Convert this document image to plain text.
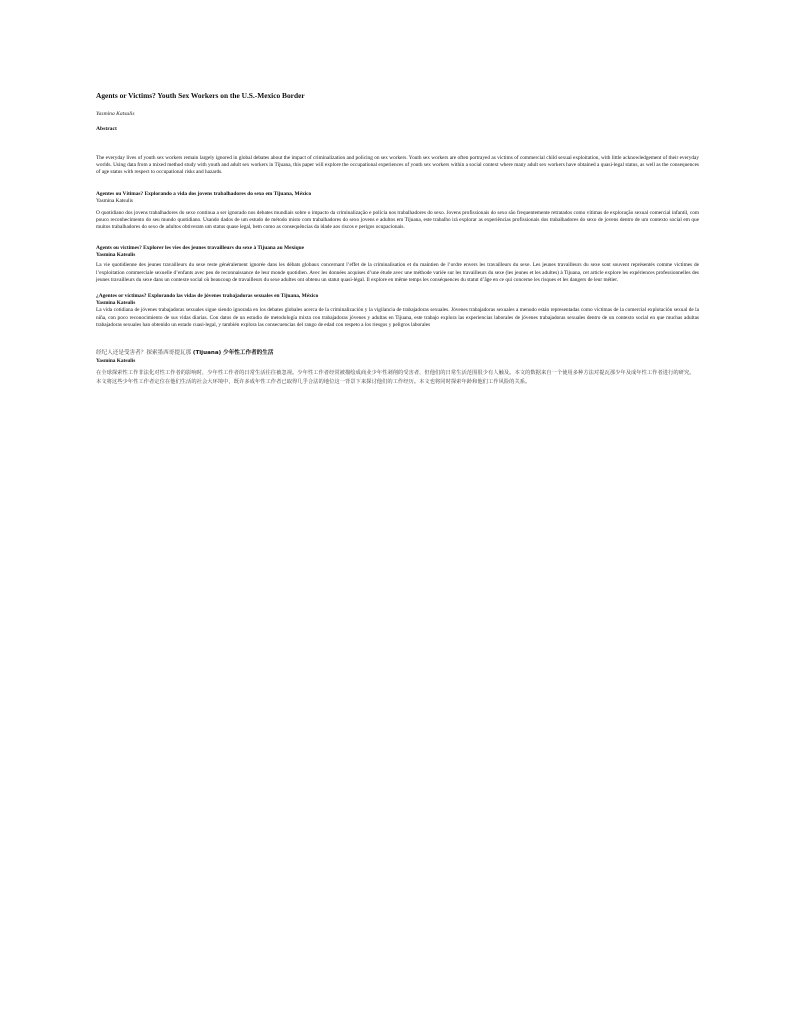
Agents or Victims? Youth Sex Workers on the U.S.-Mexico Border

Yasmina Katsulis

Abstract

The everyday lives of youth sex workers remain largely ignored in global debates about the impact of criminalization and policing on sex workers. Youth sex workers are often portrayed as victims of commercial child sexual exploitation, with little acknowledgement of their everyday worlds. Using data from a mixed method study with youth and adult sex workers in Tijuana, this paper will explore the occupational experiences of youth sex workers within a social context where many adult sex workers have obtained a quasi-legal status, as well as the consequences of age status with respect to occupational risks and hazards.

Agentes ou Vítimas? Explorando a vida dos jovens trabalhadores do sexo em Tijuana, México

Yasmina Katsulis

O quotidiano dos jovens trabalhadores do sexo continua a ser ignorado nos debates mundiais sobre o impacto da criminalização e polícia nos trabalhadores do sexo. Jovens profissionais do sexo são frequentemente retratados como vítimas de exploração sexual comercial infantil, com pouco reconhecimento do seu mundo quotidiano. Usando dados de um estudo de método misto com trabalhadores do sexo jovens e adultos em Tijuana, este trabalho irá explorar as experiências profissionais dos trabalhadores do sexo de jovens dentro de um contexto social em que muitos trabalhadores do sexo de adultos obtiveram um status quase legal, bem como as consequências da idade aos riscos e perigos ocupacionais.

Agents ou victimes? Explorer les vies des jeunes travailleurs du sexe à Tijuana au Mexique

Yasmina Katsulis

La vie quotidienne des jeunes travailleurs du sexe reste généralement ignorée dans les débats globaux concernant l’effet de la criminalisation et du maintien de l’ordre envers les travailleurs du sexe. Les jeunes travailleurs du sexe sont souvent représentés comme victimes de l’exploitation commerciale sexuelle d’enfants avec peu de reconnaissance de leur monde quotidien. Avec les données acquises d’une étude avec une méthode variée sur les travailleurs du sexe (les jeunes et les adultes) à Tijuana, cet article explore les expériences professionnelles des jeunes travailleurs du sexe dans un contexte social où beaucoup de travailleurs du sexe adultes ont obtenu un statut quasi-légal. Il explore en même temps les conséquences du statut d’âge en ce qui concerne les risques et les dangers de leur métier.

¿Agentes or víctimas? Explorando las vidas de jóvenes trabajadoras sexuales en Tijuana, México

Yasmina Katsulis

La vida cotidiana de jóvenes trabajadoras sexuales sigue siendo ignorada en los debates globales acerca de la criminalización y la vigilancia de trabajadoras sexuales. Jóvenes trabajadoras sexuales a menudo están representadas como víctimas de la comercial explotación sexual de la niña, con poco reconocimiento de sus vidas diarias. Con datos de un estudio de metodología mixta con trabajadoras jóvenes y adultas en Tijuana, este trabajo explora las experiencias laborales de jóvenes trabajadoras sexuales dentro de un contexto social en que muchas adultas trabajadoras sexuales han obtenido un estado cuasi-legal, y también explora las consecuencias del rango de edad con respeto a los riesgos y peligros laborales

经纪人还是受害者？探索墨西哥提瓦那 (Tijuana) 少年性工作者的生活

Yasmina Katsulis

在全球探索性工作非法化对性工作者的影响时，少年性工作者的日常生活往往被忽视。少年性工作者经常被描绘成商业少年性剥削的受害者，但他们的日常生活范围很少有人触及。本文的数据来自一个使用多种方法对提瓦那少年及成年性工作者进行的研究。本文将这些少年性工作者定位在他们生活的社会大环境中，既许多成年性工作者已取得几乎合法的地位这一背景下来探讨他们的工作经历。本文也将同时探索年龄和他们工作风险的关系。
